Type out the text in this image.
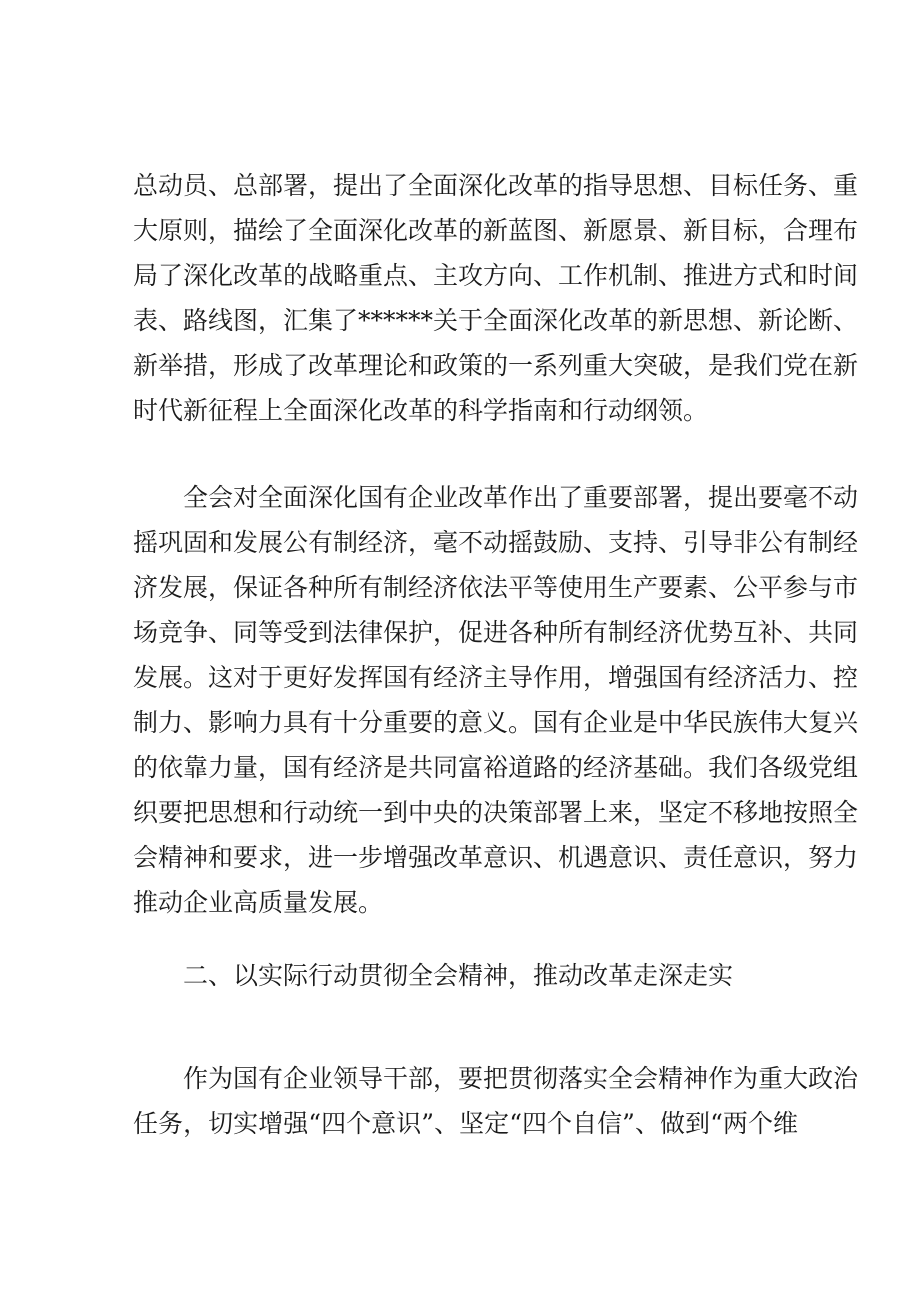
总动员、总部署，提出了全面深化改革的指导思想、目标任务、重
大原则，描绘了全面深化改革的新蓝图、新愿景、新目标，合理布
局了深化改革的战略重点、主攻方向、工作机制、推进方式和时间
表、路线图，汇集了******关于全面深化改革的新思想、新论断、
新举措，形成了改革理论和政策的一系列重大突破，是我们党在新
时代新征程上全面深化改革的科学指南和行动纲领。
全会对全面深化国有企业改革作出了重要部署，提出要毫不动
摇巩固和发展公有制经济，毫不动摇鼓励、支持、引导非公有制经
济发展，保证各种所有制经济依法平等使用生产要素、公平参与市
场竞争、同等受到法律保护，促进各种所有制经济优势互补、共同
发展。这对于更好发挥国有经济主导作用，增强国有经济活力、控
制力、影响力具有十分重要的意义。国有企业是中华民族伟大复兴
的依靠力量，国有经济是共同富裕道路的经济基础。我们各级党组
织要把思想和行动统一到中央的决策部署上来，坚定不移地按照全
会精神和要求，进一步增强改革意识、机遇意识、责任意识，努力
推动企业高质量发展。
二、以实际行动贯彻全会精神，推动改革走深走实
作为国有企业领导干部，要把贯彻落实全会精神作为重大政治
任务，切实增强“四个意识”、坚定“四个自信”、做到“两个维
